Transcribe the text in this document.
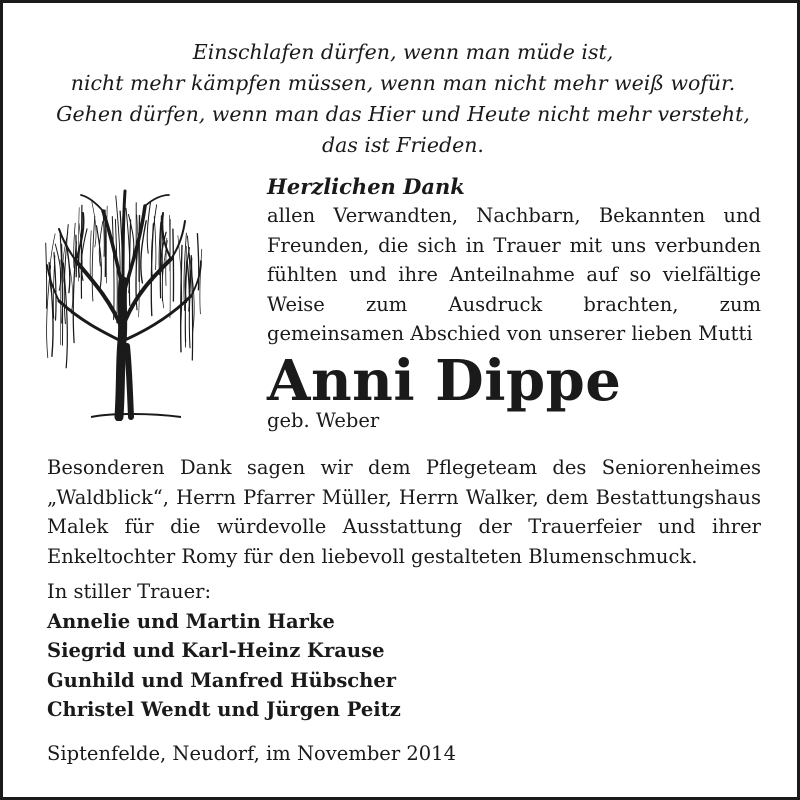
Einschlafen dürfen, wenn man müde ist,
nicht mehr kämpfen müssen, wenn man nicht mehr weiß wofür.
Gehen dürfen, wenn man das Hier und Heute nicht mehr versteht,
das ist Frieden.
Herzlichen Dank
allen Verwandten, Nachbarn, Bekannten und Freunden, die sich in Trauer mit uns verbunden fühlten und ihre Anteilnahme auf so vielfältige Weise zum Ausdruck brachten, zum gemeinsamen Abschied von unserer lieben Mutti
Anni Dippe
geb. Weber
Besonderen Dank sagen wir dem Pflegeteam des Seniorenheimes „Waldblick“, Herrn Pfarrer Müller, Herrn Walker, dem Bestattungshaus Malek für die würdevolle Ausstattung der Trauerfeier und ihrer Enkeltochter Romy für den liebevoll gestalteten Blumenschmuck.
In stiller Trauer:
Annelie und Martin Harke
Siegrid und Karl-Heinz Krause
Gunhild und Manfred Hübscher
Christel Wendt und Jürgen Peitz
Siptenfelde, Neudorf, im November 2014
